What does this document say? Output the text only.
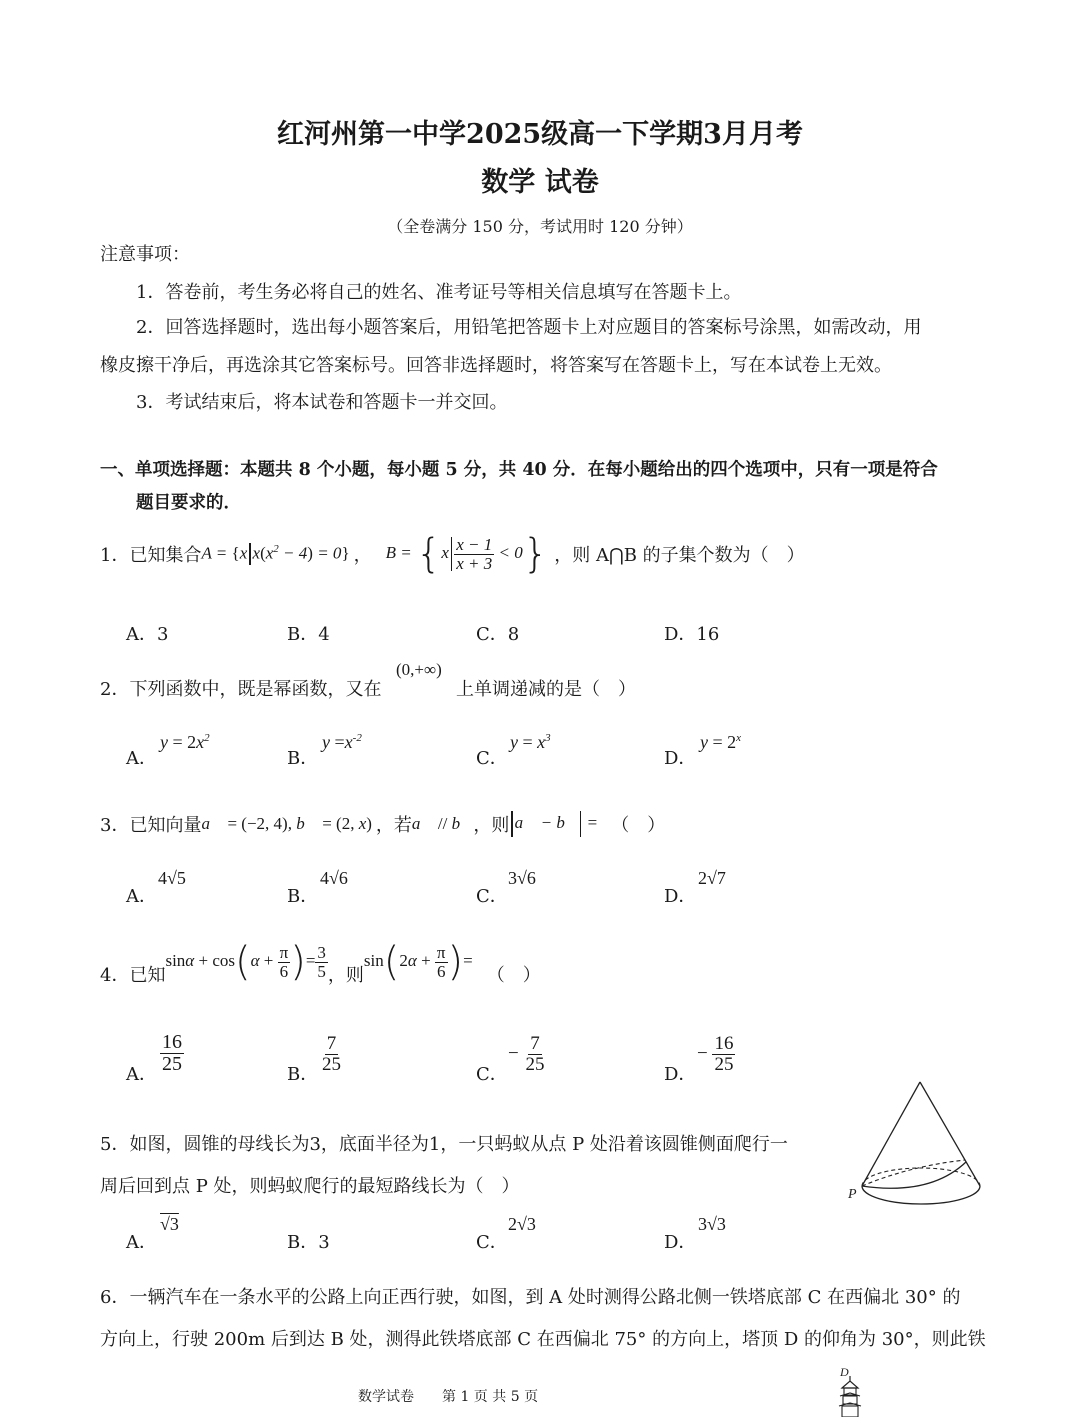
红河州第一中学2025级高一下学期3月月考
数学 试卷
（全卷满分 150 分，考试用时 120 分钟）
注意事项：
1．答卷前，考生务必将自己的姓名、准考证号等相关信息填写在答题卡上。
2．回答选择题时，选出每小题答案后，用铅笔把答题卡上对应题目的答案标号涂黑，如需改动，用
橡皮擦干净后，再选涂其它答案标号。回答非选择题时，将答案写在答题卡上，写在本试卷上无效。
3．考试结束后，将本试卷和答题卡一并交回。
一、单项选择题：本题共 8 个小题，每小题 5 分，共 40 分．在每小题给出的四个选项中，只有一项是符合
题目要求的．
1．已知集合 A = {x $x(x^2 - 4) = 0$} ， $B = \{x \frac{x - 1}{x + 3} < 0\}$ ，则 A⋂B 的子集个数为（　）
A．3	B．4	C．8	D．16
2．下列函数中，既是幂函数，又在
(0,+∞)
上单调递减的是（　）
A．
$y = 2x^2$
B．
$y =x^{-2}$
C．
$y = x^3$
D．
$y = 2^x$
3．已知向量 a⃗ = (−2, 4), b⃗ = (2, x) ，若 a⃗ // b⃗ ，则 a⃗ − b⃗ = （　）
A．
4√5
B．
4√6
C．
3√6
D．
2√7
4．已知
$\sin\alpha + \cos(\alpha + \frac{\pi}{6}$ )= $\frac{3}{5}$ ，则
$\sin(2\alpha + \frac{\pi}{6}$ )=
（　）
A． $\frac{16}{25}$	B． $\frac{7}{25}$	C．
− $\frac{7}{25}$	D．
− $\frac{16}{25}$
5．如图，圆锥的母线长为3，底面半径为1，一只蚂蚁从点 P 处沿着该圆锥侧面爬行一
周后回到点 P 处，则蚂蚁爬行的最短路线长为（　）	P
A．
√3
B．3	C．
2√3
D．
3√3
6．一辆汽车在一条水平的公路上向正西行驶，如图，到 A 处时测得公路北侧一铁塔底部 C 在西偏北 30° 的
方向上，行驶 200m 后到达 B 处，测得此铁塔底部 C 在西偏北 75° 的方向上，塔顶 D 的仰角为 30°，则此铁
D
数学试卷　　第 1 页 共 5 页
